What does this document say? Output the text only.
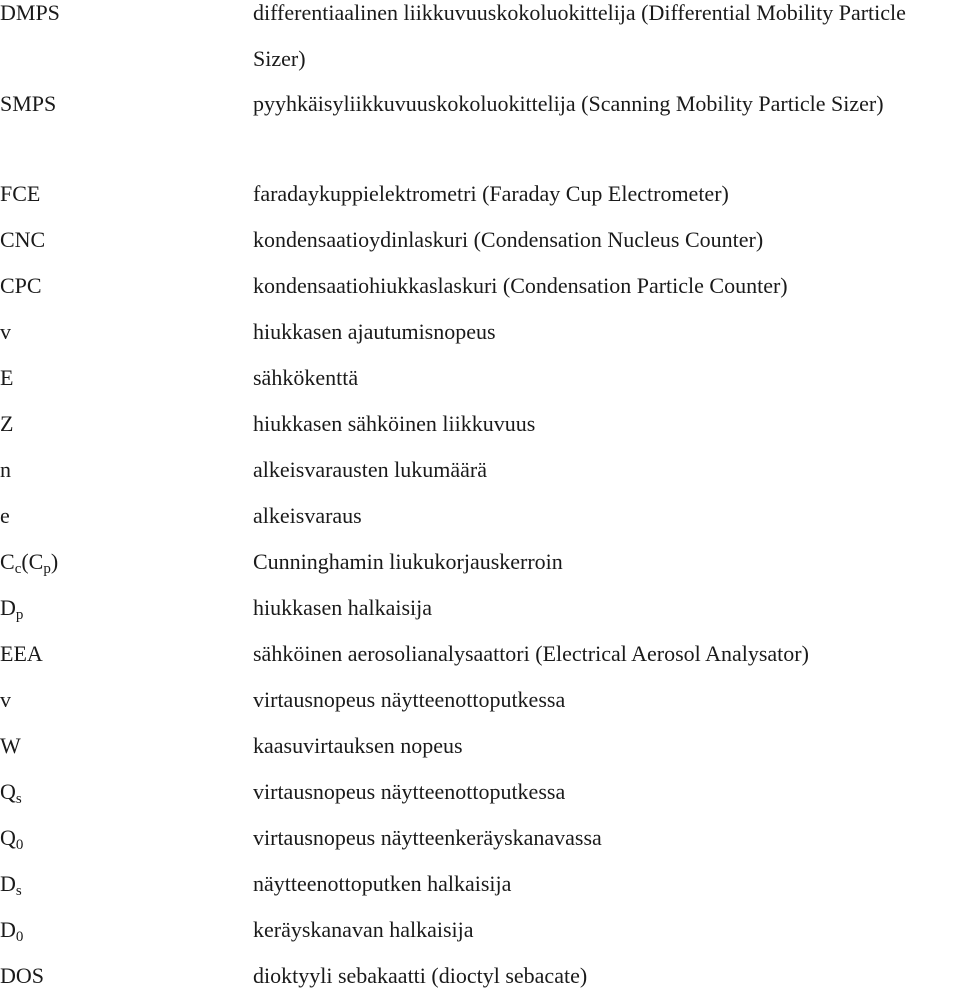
DMPS	differentiaalinen liikkuvuuskokoluokittelija (Differential Mobility Particle Sizer)
SMPS	pyyhkäisyliikkuvuuskokoluokittelija (Scanning Mobility Particle Sizer)
FCE	faradaykuppielektrometri (Faraday Cup Electrometer)
CNC	kondensaatioydinlaskuri (Condensation Nucleus Counter)
CPC	kondensaatiohiukkaslaskuri (Condensation Particle Counter)
v	hiukkasen ajautumisnopeus
E	sähkökenttä
Z	hiukkasen sähköinen liikkuvuus
n	alkeisvarausten lukumäärä
e	alkeisvaraus
$C_c(C_p)$	Cunninghamin liukukorjauskerroin
$D_p$	hiukkasen halkaisija
EEA	sähköinen aerosolianalysaattori (Electrical Aerosol Analysator)
v	virtausnopeus näytteenottoputkessa
W	kaasuvirtauksen nopeus
$Q_s$	virtausnopeus näytteenottoputkessa
$Q_0$	virtausnopeus näytteenkeräyskanavassa
$D_s$	näytteenottoputken halkaisija
$D_0$	keräyskanavan halkaisija
DOS	dioktyyli sebakaatti (dioctyl sebacate)
